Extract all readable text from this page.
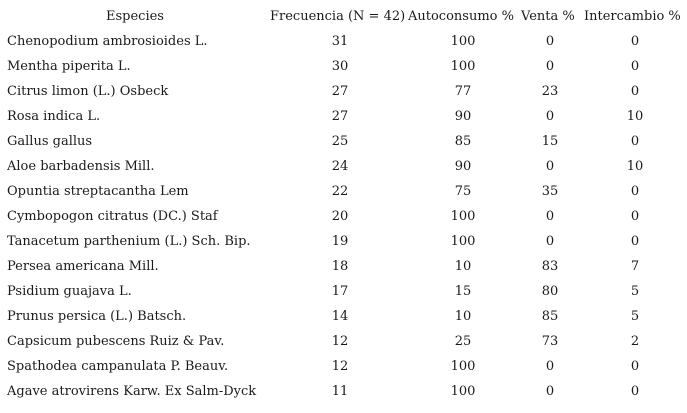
Especies	Frecuencia (N = 42)	Autoconsumo %	Venta %	Intercambio %
Chenopodium ambrosioides L.	31	100	0	0
Mentha piperita L.	30	100	0	0
Citrus limon (L.) Osbeck	27	77	23	0
Rosa indica L.	27	90	0	10
Gallus gallus	25	85	15	0
Aloe barbadensis Mill.	24	90	0	10
Opuntia streptacantha Lem	22	75	35	0
Cymbopogon citratus (DC.) Staf	20	100	0	0
Tanacetum parthenium (L.) Sch. Bip.	19	100	0	0
Persea americana Mill.	18	10	83	7
Psidium guajava L.	17	15	80	5
Prunus persica (L.) Batsch.	14	10	85	5
Capsicum pubescens Ruiz & Pav.	12	25	73	2
Spathodea campanulata P. Beauv.	12	100	0	0
Agave atrovirens Karw. Ex Salm-Dyck	11	100	0	0
